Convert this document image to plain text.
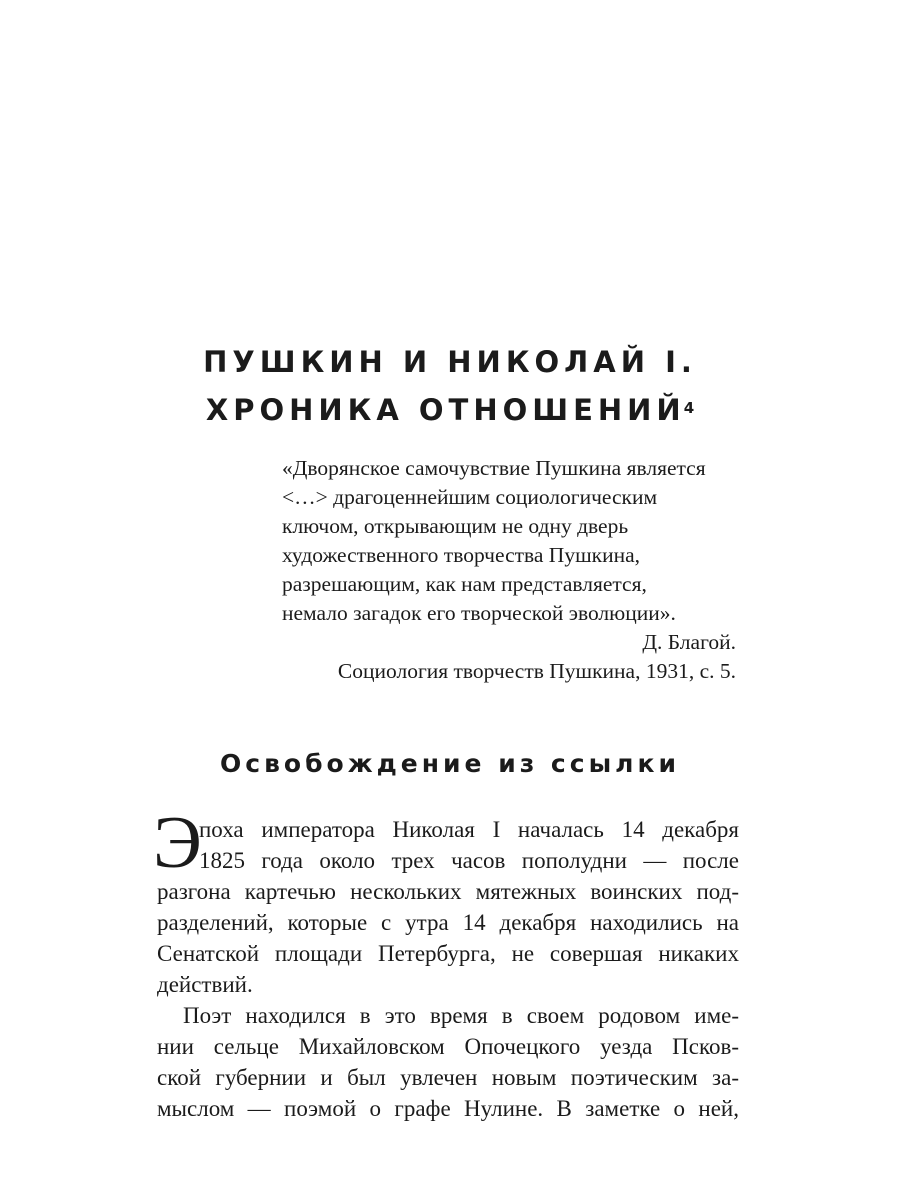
ПУШКИН И НИКОЛАЙ I.
ХРОНИКА ОТНОШЕНИЙ$^4$
«Дворянское самочувствие Пушкина является
<…> драгоценнейшим социологическим
ключом, открывающим не одну дверь
художественного творчества Пушкина,
разрешающим, как нам представляется,
немало загадок его творческой эволюции».
Д. Благой.
Социология творчеств Пушкина, 1931, с. 5.
Освобождение из ссылки
Э
поха императора Николая I началась 14 декабря
1825 года около трех часов пополудни — после
разгона картечью нескольких мятежных воинских под-
разделений, которые с утра 14 декабря находились на
Сенатской площади Петербурга, не совершая никаких
действий.
Поэт находился в это время в своем родовом име-
нии сельце Михайловском Опочецкого уезда Псков-
ской губернии и был увлечен новым поэтическим за-
мыслом — поэмой о графе Нулине. В заметке о ней,
